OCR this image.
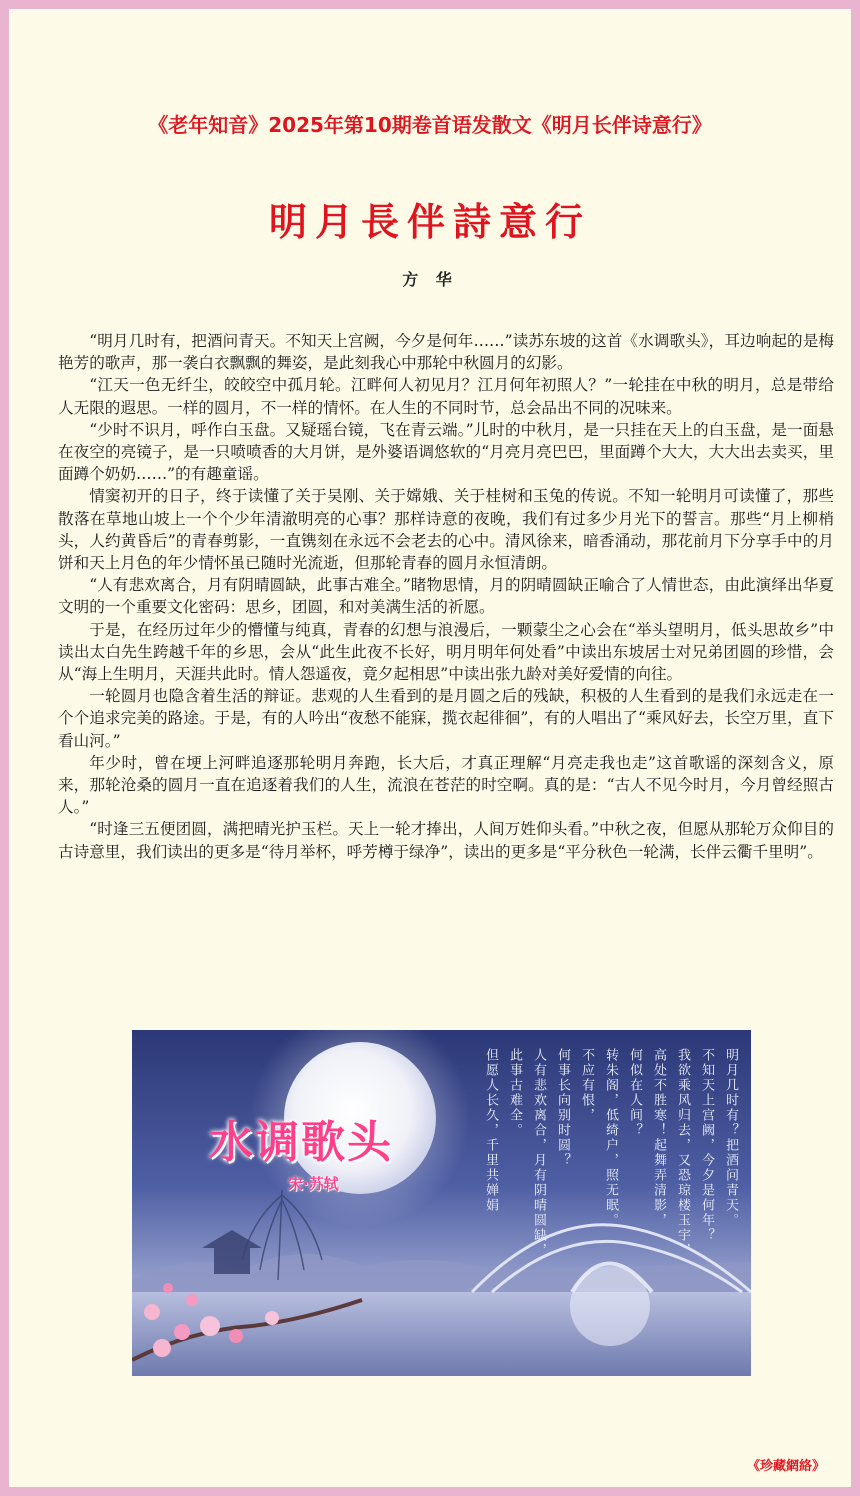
《老年知音》2025年第10期卷首语发散文《明月长伴诗意行》
明月長伴詩意行
方 华

“明月几时有，把酒问青天。不知天上宫阙，今夕是何年……”读苏东坡的这首《水调歌头》，耳边响起的是梅艳芳的歌声，那一袭白衣飘飘的舞姿，是此刻我心中那轮中秋圆月的幻影。

“江天一色无纤尘，皎皎空中孤月轮。江畔何人初见月？江月何年初照人？”一轮挂在中秋的明月，总是带给人无限的遐思。一样的圆月，不一样的情怀。在人生的不同时节，总会品出不同的况味来。

“少时不识月，呼作白玉盘。又疑瑶台镜，飞在青云端。”儿时的中秋月，是一只挂在天上的白玉盘，是一面悬在夜空的亮镜子，是一只喷喷香的大月饼，是外婆语调悠软的“月亮月亮巴巴，里面蹲个大大，大大出去卖买，里面蹲个奶奶……”的有趣童谣。

情窦初开的日子，终于读懂了关于吴刚、关于嫦娥、关于桂树和玉兔的传说。不知一轮明月可读懂了，那些散落在草地山坡上一个个少年清澈明亮的心事？那样诗意的夜晚，我们有过多少月光下的誓言。那些“月上柳梢头，人约黄昏后”的青春剪影，一直镌刻在永远不会老去的心中。清风徐来，暗香涌动，那花前月下分享手中的月饼和天上月色的年少情怀虽已随时光流逝，但那轮青春的圆月永恒清朗。

“人有悲欢离合，月有阴晴圆缺，此事古难全。”睹物思情，月的阴晴圆缺正喻合了人情世态，由此演绎出华夏文明的一个重要文化密码：思乡，团圆，和对美满生活的祈愿。

于是，在经历过年少的懵懂与纯真，青春的幻想与浪漫后，一颗蒙尘之心会在“举头望明月，低头思故乡”中读出太白先生跨越千年的乡思，会从“此生此夜不长好，明月明年何处看”中读出东坡居士对兄弟团圆的珍惜，会从“海上生明月，天涯共此时。情人怨遥夜，竟夕起相思”中读出张九龄对美好爱情的向往。

一轮圆月也隐含着生活的辩证。悲观的人生看到的是月圆之后的残缺，积极的人生看到的是我们永远走在一个个追求完美的路途。于是，有的人吟出“夜愁不能寐，揽衣起徘徊”，有的人唱出了“乘风好去，长空万里，直下看山河。”

年少时，曾在埂上河畔追逐那轮明月奔跑，长大后，才真正理解“月亮走我也走”这首歌谣的深刻含义，原来，那轮沧桑的圆月一直在追逐着我们的人生，流浪在苍茫的时空啊。真的是：“古人不见今时月，今月曾经照古人。”

“时逢三五便团圆，满把晴光护玉栏。天上一轮才捧出，人间万姓仰头看。”中秋之夜，但愿从那轮万众仰目的古诗意里，我们读出的更多是“待月举杯，呼芳樽于绿净”，读出的更多是“平分秋色一轮满，长伴云衢千里明”。

水调歌头
宋·苏轼	明月几时有？把酒问青天。
不知天上宫阙，今夕是何年？
我欲乘风归去，又恐琼楼玉宇，
高处不胜寒！起舞弄清影，
何似在人间？
转朱阁，低绮户，照无眠。
不应有恨，
何事长向别时圆？
人有悲欢离合，月有阴晴圆缺，
此事古难全。
但愿人长久，千里共婵娟
《珍藏網絡》
